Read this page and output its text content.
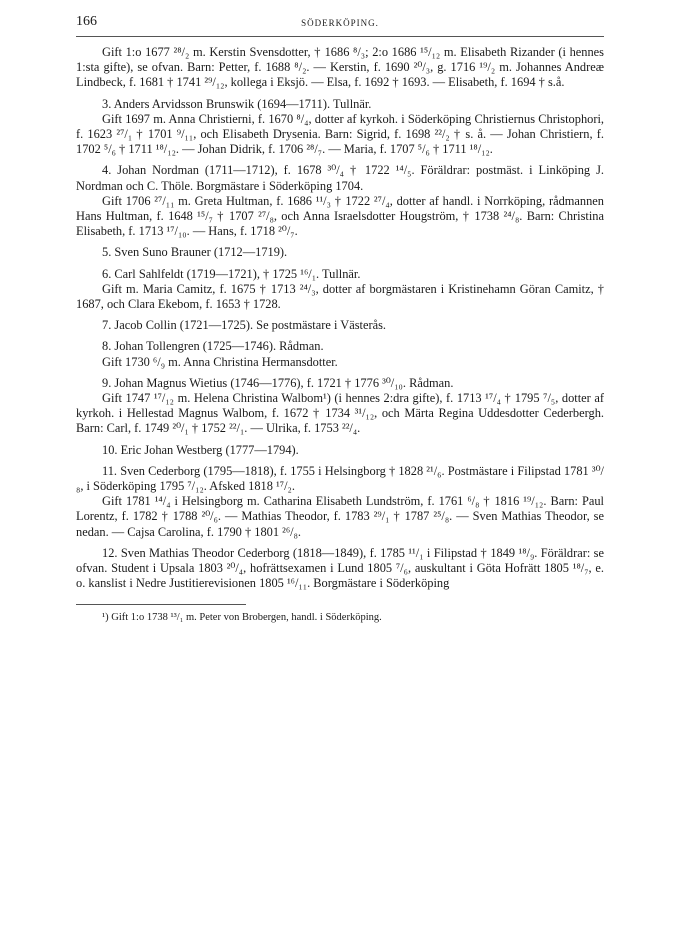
166	SÖDERKÖPING.

Gift 1:o 1677 ²⁸/₂ m. Kerstin Svensdotter, † 1686 ⁸/₃; 2:o 1686 ¹⁵/₁₂ m. Elisabeth Rizander (i hennes 1:sta gifte), se ofvan. Barn: Petter, f. 1688 ⁸/₂. — Kerstin, f. 1690 ²⁰/₃, g. 1716 ¹⁹/₂ m. Johannes Andreæ Lindbeck, f. 1681 † 1741 ²⁹/₁₂, kollega i Eksjö. — Elsa, f. 1692 † 1693. — Elisabeth, f. 1694 † s.å.

3. Anders Arvidsson Brunswik (1694—1711). Tullnär.

Gift 1697 m. Anna Christierni, f. 1670 ⁸/₄, dotter af kyrkoh. i Söderköping Christiernus Christophori, f. 1623 ²⁷/₁ † 1701 ⁹/₁₁, och Elisabeth Drysenia. Barn: Sigrid, f. 1698 ²²/₂ † s. å. — Johan Christiern, f. 1702 ⁵/₆ † 1711 ¹⁸/₁₂. — Johan Didrik, f. 1706 ²⁸/₇. — Maria, f. 1707 ⁵/₆ † 1711 ¹⁸/₁₂.

4. Johan Nordman (1711—1712), f. 1678 ³⁰/₄ † 1722 ¹⁴/₅. Föräldrar: postmäst. i Linköping J. Nordman och C. Thöle. Borgmästare i Söderköping 1704.

Gift 1706 ²⁷/₁₁ m. Greta Hultman, f. 1686 ¹¹/₃ † 1722 ²⁷/₄, dotter af handl. i Norrköping, rådmannen Hans Hultman, f. 1648 ¹⁵/₇ † 1707 ²⁷/₈, och Anna Israelsdotter Hougström, † 1738 ²⁴/₈. Barn: Christina Elisabeth, f. 1713 ¹⁷/₁₀. — Hans, f. 1718 ²⁰/₇.

5. Sven Suno Brauner (1712—1719).

6. Carl Sahlfeldt (1719—1721), † 1725 ¹⁶/₁. Tullnär.

Gift m. Maria Camitz, f. 1675 † 1713 ²⁴/₃, dotter af borgmästaren i Kristinehamn Göran Camitz, † 1687, och Clara Ekebom, f. 1653 † 1728.

7. Jacob Collin (1721—1725). Se postmästare i Västerås.

8. Johan Tollengren (1725—1746). Rådman.

Gift 1730 ⁶/₉ m. Anna Christina Hermansdotter.

9. Johan Magnus Wietius (1746—1776), f. 1721 † 1776 ³⁰/₁₀. Rådman.

Gift 1747 ¹⁷/₁₂ m. Helena Christina Walbom¹) (i hennes 2:dra gifte), f. 1713 ¹⁷/₄ † 1795 ⁷/₅, dotter af kyrkoh. i Hellestad Magnus Walbom, f. 1672 † 1734 ³¹/₁₂, och Märta Regina Uddesdotter Cederbergh. Barn: Carl, f. 1749 ²⁰/₁ † 1752 ²²/₁. — Ulrika, f. 1753 ²²/₄.

10. Eric Johan Westberg (1777—1794).

11. Sven Cederborg (1795—1818), f. 1755 i Helsingborg † 1828 ²¹/₆. Postmästare i Filipstad 1781 ³⁰/₈, i Söderköping 1795 ⁷/₁₂. Afsked 1818 ¹⁷/₂.

Gift 1781 ¹⁴/₄ i Helsingborg m. Catharina Elisabeth Lundström, f. 1761 ⁶/₈ † 1816 ¹⁹/₁₂. Barn: Paul Lorentz, f. 1782 † 1788 ²⁰/₆. — Mathias Theodor, f. 1783 ²⁹/₁ † 1787 ²⁵/₈. — Sven Mathias Theodor, se nedan. — Cajsa Carolina, f. 1790 † 1801 ²⁶/₈.

12. Sven Mathias Theodor Cederborg (1818—1849), f. 1785 ¹¹/₁ i Filipstad † 1849 ¹⁸/₉. Föräldrar: se ofvan. Student i Upsala 1803 ²⁰/₄, hofrättsexamen i Lund 1805 ⁷/₆, auskultant i Göta Hofrätt 1805 ¹⁸/₇, e. o. kanslist i Nedre Justitierevisionen 1805 ¹⁶/₁₁. Borgmästare i Söderköping

¹) Gift 1:o 1738 ¹³/₁ m. Peter von Brobergen, handl. i Söderköping.
